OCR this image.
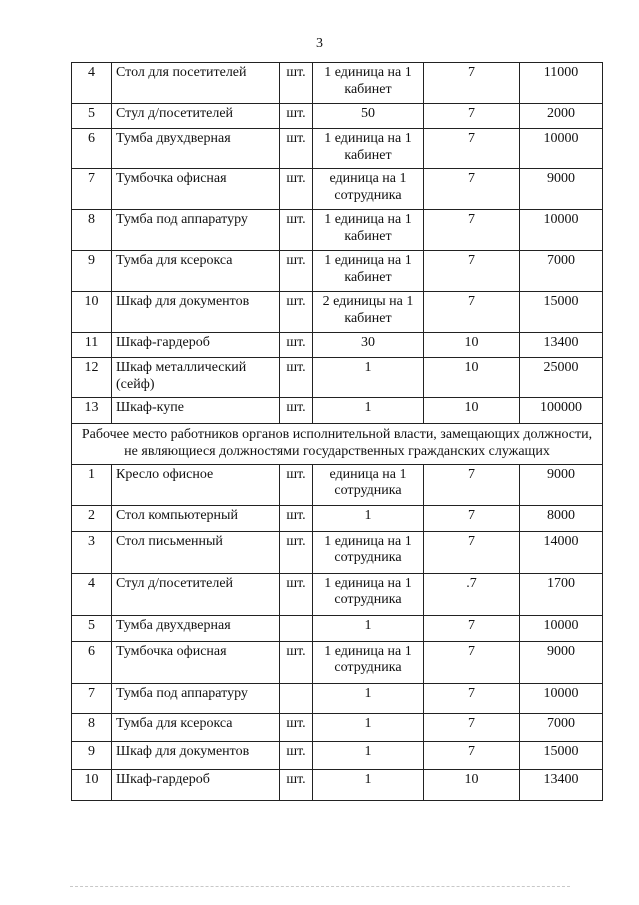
3
4	Стол для посетителей	шт.	1 единица на 1 кабинет	7	11000
5	Стул д/посетителей	шт.	50	7	2000
6	Тумба двухдверная	шт.	1 единица на 1 кабинет	7	10000
7	Тумбочка офисная	шт.	единица на 1 сотрудника	7	9000
8	Тумба под аппаратуру	шт.	1 единица на 1 кабинет	7	10000
9	Тумба для ксерокса	шт.	1 единица на 1 кабинет	7	7000
10	Шкаф для документов	шт.	2 единицы на 1 кабинет	7	15000
11	Шкаф-гардероб	шт.	30	10	13400
12	Шкаф металлический (сейф)	шт.	1	10	25000
13	Шкаф-купе	шт.	1	10	100000
Рабочее место работников органов исполнительной власти, замещающих должности, не являющиеся должностями государственных гражданских служащих					
1	Кресло офисное	шт.	единица на 1 сотрудника	7	9000
2	Стол компьютерный	шт.	1	7	8000
3	Стол письменный	шт.	1 единица на 1 сотрудника	7	14000
4	Стул д/посетителей	шт.	1 единица на 1 сотрудника	.7	1700
5	Тумба двухдверная		1	7	10000
6	Тумбочка офисная	шт.	1 единица на 1 сотрудника	7	9000
7	Тумба под аппаратуру		1	7	10000
8	Тумба для ксерокса	шт.	1	7	7000
9	Шкаф для документов	шт.	1	7	15000
10	Шкаф-гардероб	шт.	1	10	13400
